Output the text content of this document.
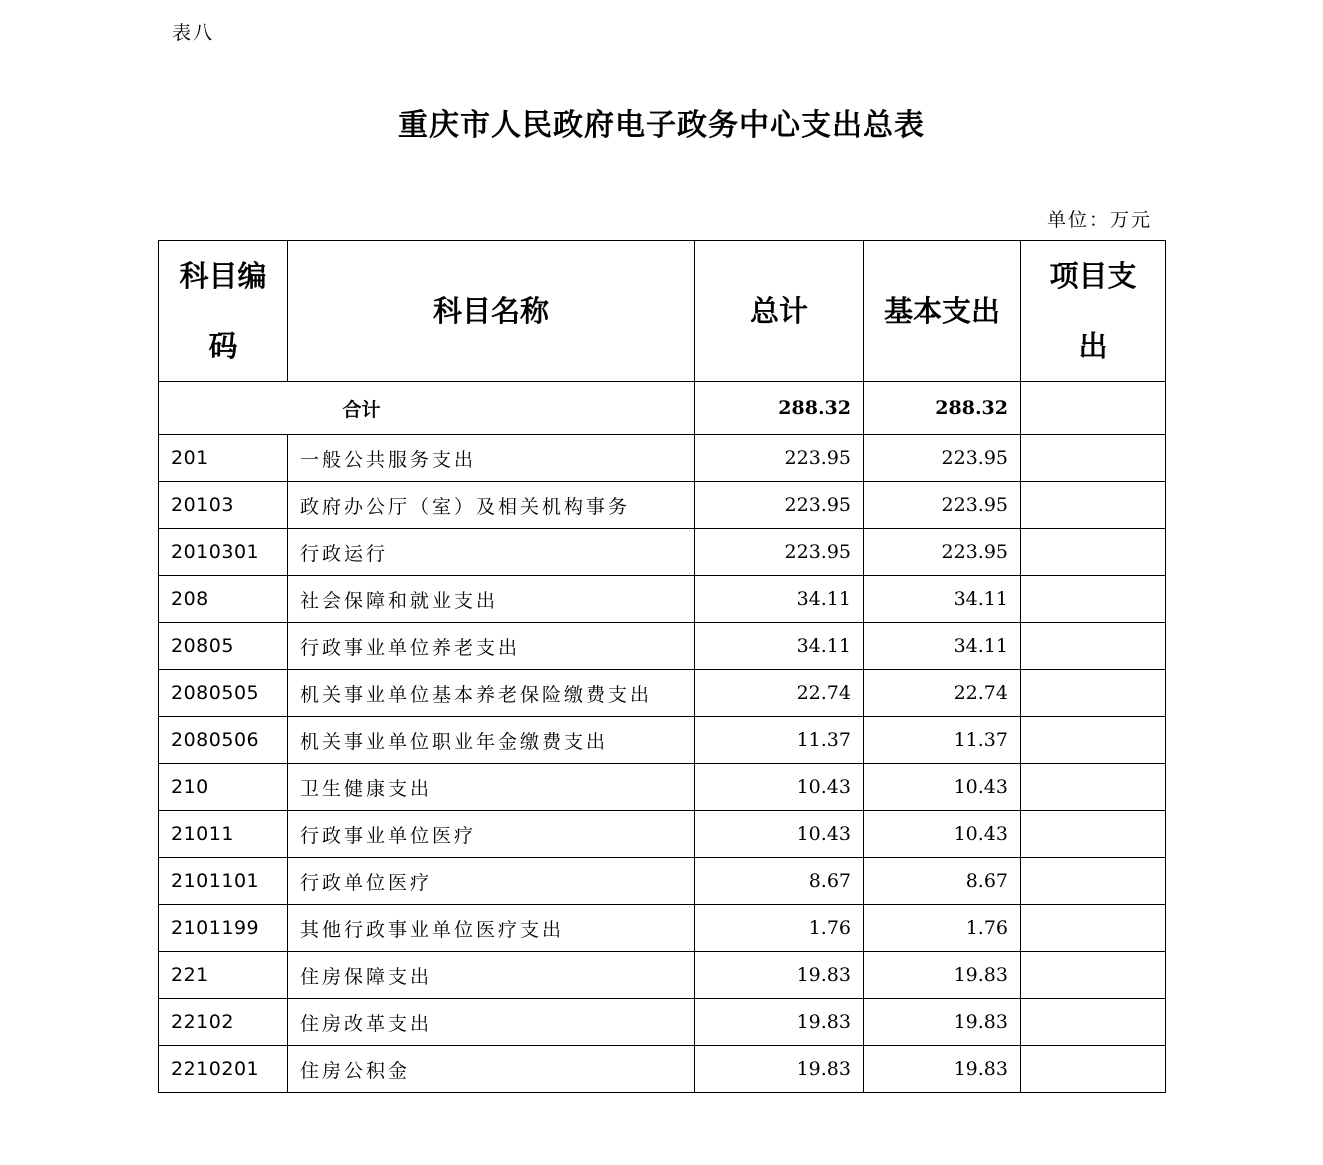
表八
重庆市人民政府电子政务中心支出总表
单位：万元
科目编码	科目名称	总计	基本支出	项目支出
合计		288.32	288.32	
201	一般公共服务支出	223.95	223.95	
20103	政府办公厅（室）及相关机构事务	223.95	223.95	
2010301	行政运行	223.95	223.95	
208	社会保障和就业支出	34.11	34.11	
20805	行政事业单位养老支出	34.11	34.11	
2080505	机关事业单位基本养老保险缴费支出	22.74	22.74	
2080506	机关事业单位职业年金缴费支出	11.37	11.37	
210	卫生健康支出	10.43	10.43	
21011	行政事业单位医疗	10.43	10.43	
2101101	行政单位医疗	8.67	8.67	
2101199	其他行政事业单位医疗支出	1.76	1.76	
221	住房保障支出	19.83	19.83	
22102	住房改革支出	19.83	19.83	
2210201	住房公积金	19.83	19.83	
